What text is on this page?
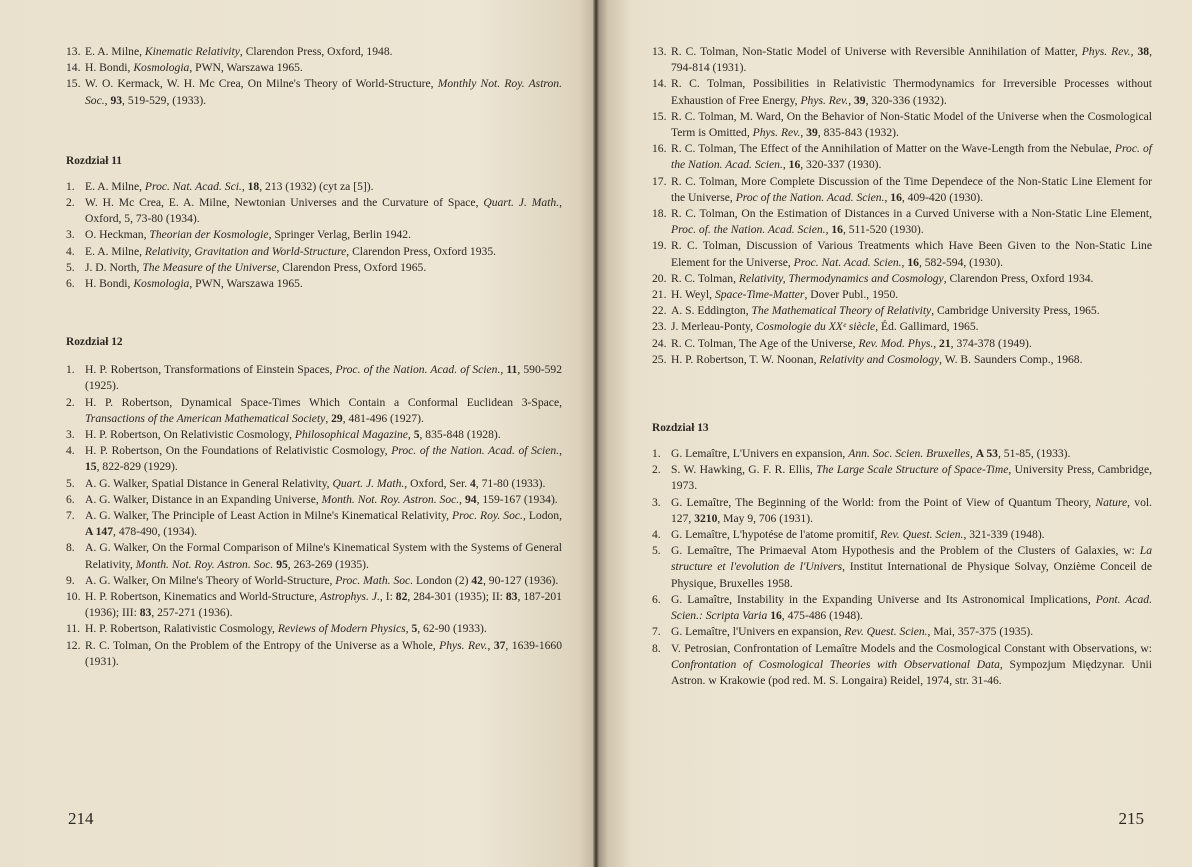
13. E. A. Milne, Kinematic Relativity, Clarendon Press, Oxford, 1948.

14. H. Bondi, Kosmologia, PWN, Warszawa 1965.

15. W. O. Kermack, W. H. Mc Crea, On Milne's Theory of World-Structure, Monthly Not. Roy. Astron. Soc., 93, 519-529, (1933).

Rozdział 11

1. E. A. Milne, Proc. Nat. Acad. Sci., 18, 213 (1932) (cyt za [5]).

2. W. H. Mc Crea, E. A. Milne, Newtonian Universes and the Curvature of Space, Quart. J. Math., Oxford, 5, 73-80 (1934).

3. O. Heckman, Theorian der Kosmologie, Springer Verlag, Berlin 1942.

4. E. A. Milne, Relativity, Gravitation and World-Structure, Clarendon Press, Oxford 1935.

5. J. D. North, The Measure of the Universe, Clarendon Press, Oxford 1965.

6. H. Bondi, Kosmologia, PWN, Warszawa 1965.

Rozdział 12

1. H. P. Robertson, Transformations of Einstein Spaces, Proc. of the Nation. Acad. of Scien., 11, 590-592 (1925).

2. H. P. Robertson, Dynamical Space-Times Which Contain a Conformal Euclidean 3-Space, Transactions of the American Mathematical Society, 29, 481-496 (1927).

3. H. P. Robertson, On Relativistic Cosmology, Philosophical Magazine, 5, 835-848 (1928).

4. H. P. Robertson, On the Foundations of Relativistic Cosmology, Proc. of the Nation. Acad. of Scien., 15, 822-829 (1929).

5. A. G. Walker, Spatial Distance in General Relativity, Quart. J. Math., Oxford, Ser. 4, 71-80 (1933).

6. A. G. Walker, Distance in an Expanding Universe, Month. Not. Roy. Astron. Soc., 94, 159-167 (1934).

7. A. G. Walker, The Principle of Least Action in Milne's Kinematical Relativity, Proc. Roy. Soc., Lodon, A 147, 478-490, (1934).

8. A. G. Walker, On the Formal Comparison of Milne's Kinematical System with the Systems of General Relativity, Month. Not. Roy. Astron. Soc. 95, 263-269 (1935).

9. A. G. Walker, On Milne's Theory of World-Structure, Proc. Math. Soc. London (2) 42, 90-127 (1936).

10. H. P. Robertson, Kinematics and World-Structure, Astrophys. J., I: 82, 284-301 (1935); II: 83, 187-201 (1936); III: 83, 257-271 (1936).

11. H. P. Robertson, Ralativistic Cosmology, Reviews of Modern Physics, 5, 62-90 (1933).

12. R. C. Tolman, On the Problem of the Entropy of the Universe as a Whole, Phys. Rev., 37, 1639-1660 (1931).

214

13. R. C. Tolman, Non-Static Model of Universe with Reversible Annihilation of Matter, Phys. Rev., 38, 794-814 (1931).

14. R. C. Tolman, Possibilities in Relativistic Thermodynamics for Irreversible Processes without Exhaustion of Free Energy, Phys. Rev., 39, 320-336 (1932).

15. R. C. Tolman, M. Ward, On the Behavior of Non-Static Model of the Universe when the Cosmological Term is Omitted, Phys. Rev., 39, 835-843 (1932).

16. R. C. Tolman, The Effect of the Annihilation of Matter on the Wave-Length from the Nebulae, Proc. of the Nation. Acad. Scien., 16, 320-337 (1930).

17. R. C. Tolman, More Complete Discussion of the Time Dependece of the Non-Static Line Element for the Universe, Proc of the Nation. Acad. Scien., 16, 409-420 (1930).

18. R. C. Tolman, On the Estimation of Distances in a Curved Universe with a Non-Static Line Element, Proc. of. the Nation. Acad. Scien., 16, 511-520 (1930).

19. R. C. Tolman, Discussion of Various Treatments which Have Been Given to the Non-Static Line Element for the Universe, Proc. Nat. Acad. Scien., 16, 582-594, (1930).

20. R. C. Tolman, Relativity, Thermodynamics and Cosmology, Clarendon Press, Oxford 1934.

21. H. Weyl, Space-Time-Matter, Dover Publ., 1950.

22. A. S. Eddington, The Mathematical Theory of Relativity, Cambridge University Press, 1965.

23. J. Merleau-Ponty, Cosmologie du XXᵉ siècle, Éd. Gallimard, 1965.

24. R. C. Tolman, The Age of the Universe, Rev. Mod. Phys., 21, 374-378 (1949).

25. H. P. Robertson, T. W. Noonan, Relativity and Cosmology, W. B. Saunders Comp., 1968.

Rozdział 13

1. G. Lemaître, L'Univers en expansion, Ann. Soc. Scien. Bruxelles, A 53, 51-85, (1933).

2. S. W. Hawking, G. F. R. Ellis, The Large Scale Structure of Space-Time, University Press, Cambridge, 1973.

3. G. Lemaître, The Beginning of the World: from the Point of View of Quantum Theory, Nature, vol. 127, 3210, May 9, 706 (1931).

4. G. Lemaître, L'hypotése de l'atome promitif, Rev. Quest. Scien., 321-339 (1948).

5. G. Lemaître, The Primaeval Atom Hypothesis and the Problem of the Clusters of Galaxies, w: La structure et l'evolution de l'Univers, Institut International de Physique Solvay, Onzième Conceil de Physique, Bruxelles 1958.

6. G. Lamaître, Instability in the Expanding Universe and Its Astronomical Implications, Pont. Acad. Scien.: Scripta Varia 16, 475-486 (1948).

7. G. Lemaître, l'Univers en expansion, Rev. Quest. Scien., Mai, 357-375 (1935).

8. V. Petrosian, Confrontation of Lemaître Models and the Cosmological Constant with Observations, w: Confrontation of Cosmological Theories with Observational Data, Sympozjum Międzynar. Unii Astron. w Krakowie (pod red. M. S. Longaira) Reidel, 1974, str. 31-46.

215
